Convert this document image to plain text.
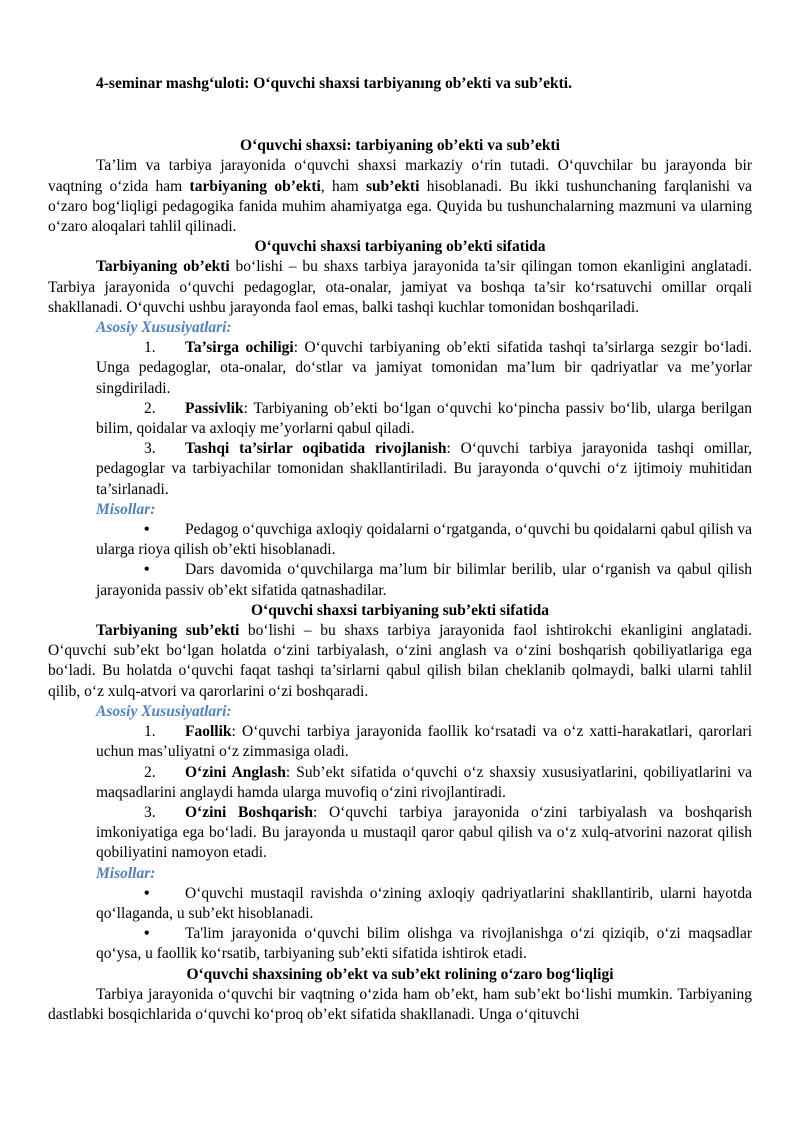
4-seminar mashg‘uloti: O‘quvchi shaxsi tarbiyanıng ob’ekti va sub’ekti.

O‘quvchi shaxsi: tarbiyaning ob’ekti va sub’ekti

Ta’lim va tarbiya jarayonida o‘quvchi shaxsi markaziy o‘rin tutadi. O‘quvchilar bu jarayonda bir vaqtning o‘zida ham tarbiyaning ob’ekti, ham sub’ekti hisoblanadi. Bu ikki tushunchaning farqlanishi va o‘zaro bog‘liqligi pedagogika fanida muhim ahamiyatga ega. Quyida bu tushunchalarning mazmuni va ularning o‘zaro aloqalari tahlil qilinadi.

O‘quvchi shaxsi tarbiyaning ob’ekti sifatida

Tarbiyaning ob’ekti bo‘lishi – bu shaxs tarbiya jarayonida ta’sir qilingan tomon ekanligini anglatadi. Tarbiya jarayonida o‘quvchi pedagoglar, ota-onalar, jamiyat va boshqa ta’sir ko‘rsatuvchi omillar orqali shakllanadi. O‘quvchi ushbu jarayonda faol emas, balki tashqi kuchlar tomonidan boshqariladi.

Asosiy Xususiyatlari:

1. Ta’sirga ochiligi: O‘quvchi tarbiyaning ob’ekti sifatida tashqi ta’sirlarga sezgir bo‘ladi. Unga pedagoglar, ota-onalar, do‘stlar va jamiyat tomonidan ma’lum bir qadriyatlar va me’yorlar singdiriladi.

2. Passivlik: Tarbiyaning ob’ekti bo‘lgan o‘quvchi ko‘pincha passiv bo‘lib, ularga berilgan bilim, qoidalar va axloqiy me’yorlarni qabul qiladi.

3. Tashqi ta’sirlar oqibatida rivojlanish: O‘quvchi tarbiya jarayonida tashqi omillar, pedagoglar va tarbiyachilar tomonidan shakllantiriladi. Bu jarayonda o‘quvchi o‘z ijtimoiy muhitidan ta’sirlanadi.

Misollar:

• Pedagog o‘quvchiga axloqiy qoidalarni o‘rgatganda, o‘quvchi bu qoidalarni qabul qilish va ularga rioya qilish ob’ekti hisoblanadi.

• Dars davomida o‘quvchilarga ma’lum bir bilimlar berilib, ular o‘rganish va qabul qilish jarayonida passiv ob’ekt sifatida qatnashadilar.

O‘quvchi shaxsi tarbiyaning sub’ekti sifatida

Tarbiyaning sub’ekti bo‘lishi – bu shaxs tarbiya jarayonida faol ishtirokchi ekanligini anglatadi. O‘quvchi sub’ekt bo‘lgan holatda o‘zini tarbiyalash, o‘zini anglash va o‘zini boshqarish qobiliyatlariga ega bo‘ladi. Bu holatda o‘quvchi faqat tashqi ta’sirlarni qabul qilish bilan cheklanib qolmaydi, balki ularni tahlil qilib, o‘z xulq-atvori va qarorlarini o‘zi boshqaradi.

Asosiy Xususiyatlari:

1. Faollik: O‘quvchi tarbiya jarayonida faollik ko‘rsatadi va o‘z xatti-harakatlari, qarorlari uchun mas’uliyatni o‘z zimmasiga oladi.

2. O‘zini Anglash: Sub’ekt sifatida o‘quvchi o‘z shaxsiy xususiyatlarini, qobiliyatlarini va maqsadlarini anglaydi hamda ularga muvofiq o‘zini rivojlantiradi.

3. O‘zini Boshqarish: O‘quvchi tarbiya jarayonida o‘zini tarbiyalash va boshqarish imkoniyatiga ega bo‘ladi. Bu jarayonda u mustaqil qaror qabul qilish va o‘z xulq-atvorini nazorat qilish qobiliyatini namoyon etadi.

Misollar:

• O‘quvchi mustaqil ravishda o‘zining axloqiy qadriyatlarini shakllantirib, ularni hayotda qo‘llaganda, u sub’ekt hisoblanadi.

• Ta'lim jarayonida o‘quvchi bilim olishga va rivojlanishga o‘zi qiziqib, o‘zi maqsadlar qo‘ysa, u faollik ko‘rsatib, tarbiyaning sub’ekti sifatida ishtirok etadi.

O‘quvchi shaxsining ob’ekt va sub’ekt rolining o‘zaro bog‘liqligi

Tarbiya jarayonida o‘quvchi bir vaqtning o‘zida ham ob’ekt, ham sub’ekt bo‘lishi mumkin. Tarbiyaning dastlabki bosqichlarida o‘quvchi ko‘proq ob’ekt sifatida shakllanadi. Unga o‘qituvchi
